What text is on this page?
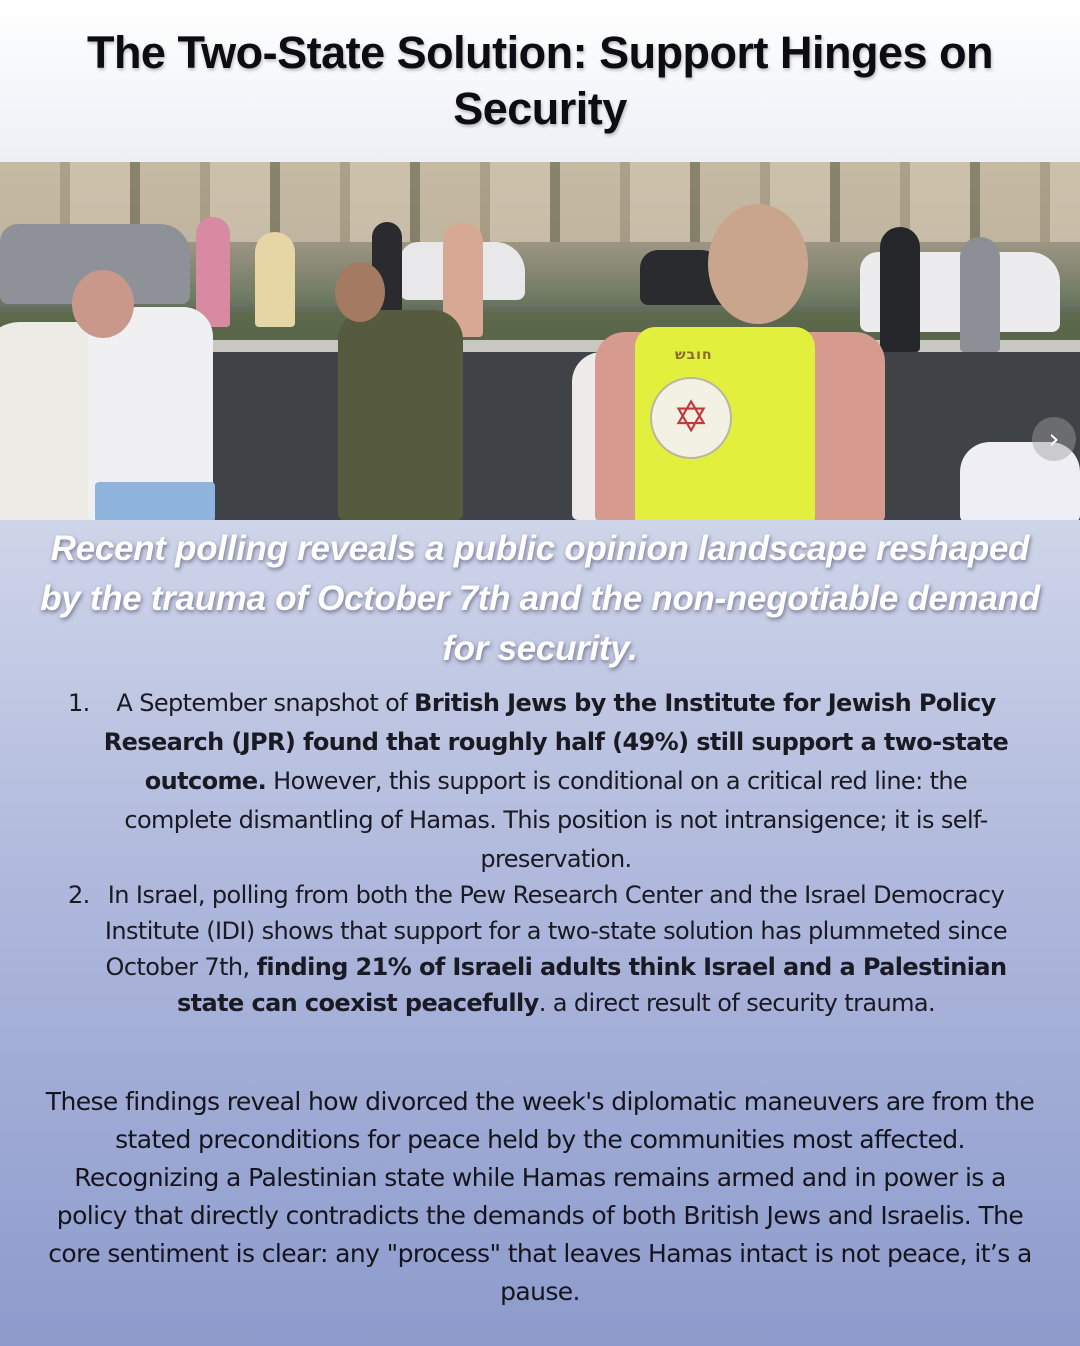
The Two-State Solution: Support Hinges on Security
חובש
✡	›

Recent polling reveals a public opinion landscape reshaped by the trauma of October 7th and the non-negotiable demand for security.

1.	A September snapshot of British Jews by the Institute for Jewish Policy Research (JPR) found that roughly half (49%) still support a two-state outcome. However, this support is conditional on a critical red line: the complete dismantling of Hamas. This position is not intransigence; it is self-preservation.
2. In Israel, polling from both the Pew Research Center and the Israel Democracy Institute (IDI) shows that support for a two-state solution has plummeted since October 7th, finding 21% of Israeli adults think Israel and a Palestinian state can coexist peacefully. a direct result of security trauma.

These findings reveal how divorced the week's diplomatic maneuvers are from the stated preconditions for peace held by the communities most affected. Recognizing a Palestinian state while Hamas remains armed and in power is a policy that directly contradicts the demands of both British Jews and Israelis. The core sentiment is clear: any "process" that leaves Hamas intact is not peace, it’s a pause.
